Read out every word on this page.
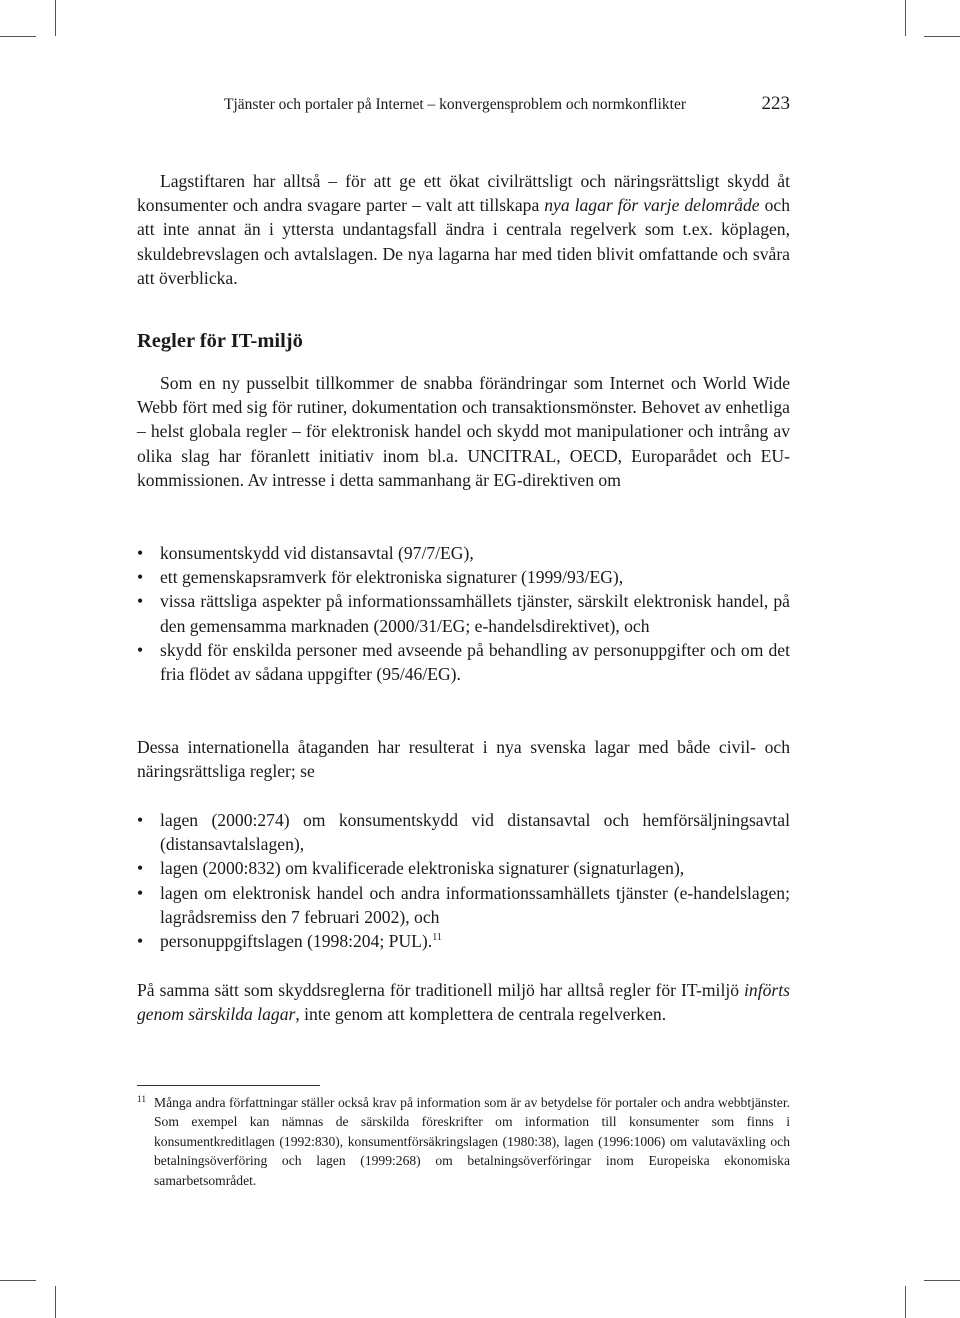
Tjänster och portaler på Internet – konvergensproblem och normkonflikter	223

Lagstiftaren har alltså – för att ge ett ökat civilrättsligt och näringsrättsligt skydd åt konsumenter och andra svagare parter – valt att tillskapa nya lagar för varje delområde och att inte annat än i yttersta undantagsfall ändra i centrala regelverk som t.ex. köplagen, skuldebrevslagen och avtalslagen. De nya lagarna har med tiden blivit omfattande och svåra att överblicka.

Regler för IT-miljö

Som en ny pusselbit tillkommer de snabba förändringar som Internet och World Wide Webb fört med sig för rutiner, dokumentation och transaktionsmönster. Behovet av enhetliga – helst globala regler – för elektronisk handel och skydd mot manipulationer och intrång av olika slag har föranlett initiativ inom bl.a. UNCITRAL, OECD, Europarådet och EU-kommissionen. Av intresse i detta sammanhang är EG-direktiven om

• konsumentskydd vid distansavtal (97/7/EG),
• ett gemenskapsramverk för elektroniska signaturer (1999/93/EG),
• vissa rättsliga aspekter på informationssamhällets tjänster, särskilt elektronisk handel, på den gemensamma marknaden (2000/31/EG; e-handelsdirektivet), och
• skydd för enskilda personer med avseende på behandling av personuppgifter och om det fria flödet av sådana uppgifter (95/46/EG).

Dessa internationella åtaganden har resulterat i nya svenska lagar med både civil- och näringsrättsliga regler; se

• lagen (2000:274) om konsumentskydd vid distansavtal och hemförsäljningsavtal (distansavtalslagen),
• lagen (2000:832) om kvalificerade elektroniska signaturer (signaturlagen),
• lagen om elektronisk handel och andra informationssamhällets tjänster (e-handelslagen; lagrådsremiss den 7 februari 2002), och
• personuppgiftslagen (1998:204; PUL).$^{11}$

På samma sätt som skyddsreglerna för traditionell miljö har alltså regler för IT-miljö införts genom särskilda lagar, inte genom att komplettera de centrala regelverken.

11 Många andra författningar ställer också krav på information som är av betydelse för portaler och andra webbtjänster. Som exempel kan nämnas de särskilda föreskrifter om information till konsumenter som finns i konsumentkreditlagen (1992:830), konsumentförsäkringslagen (1980:38), lagen (1996:1006) om valutaväxling och betalningsöverföring och lagen (1999:268) om betalningsöverföringar inom Europeiska ekonomiska samarbetsområdet.
